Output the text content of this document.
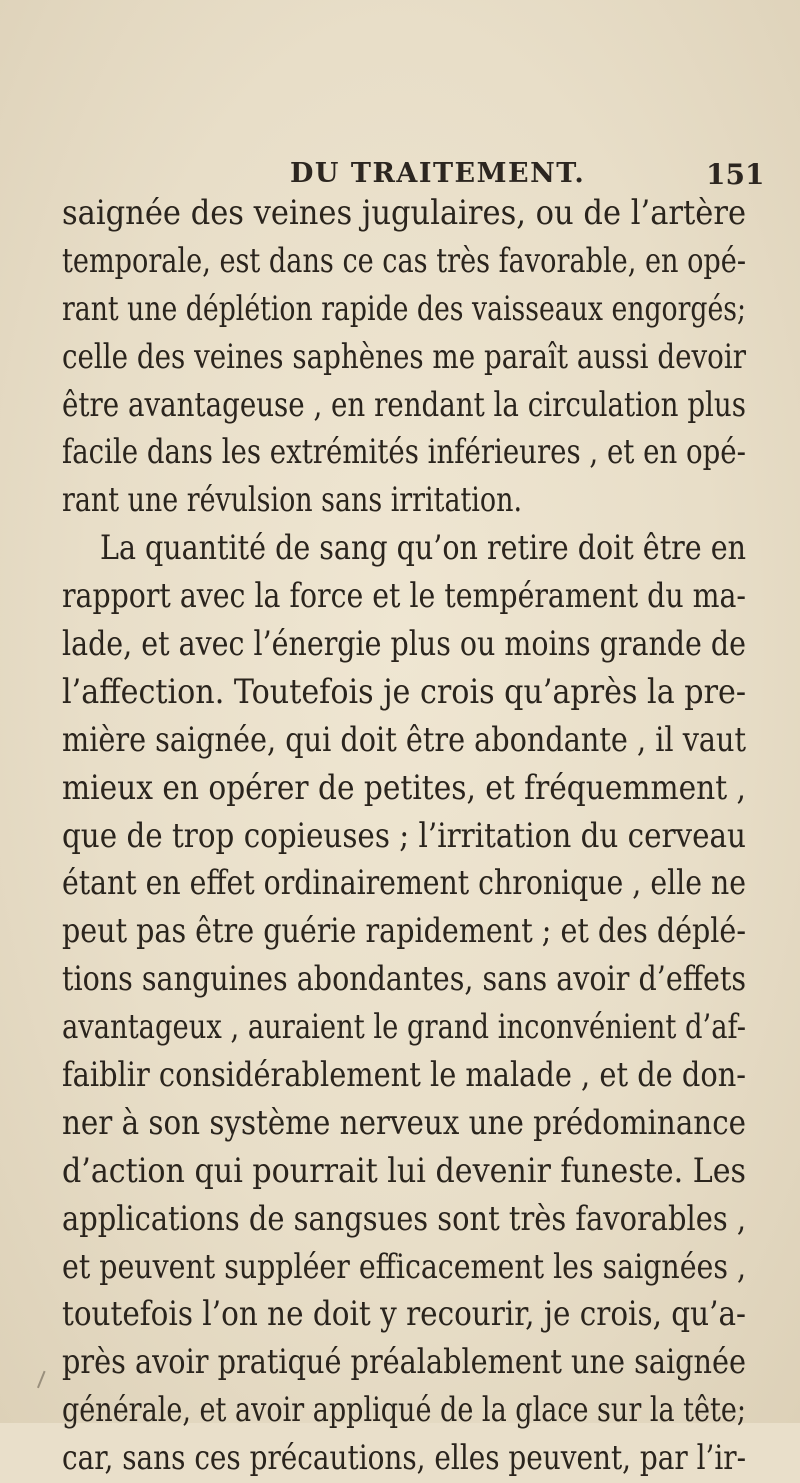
DU TRAITEMENT.	151
saignée des veines jugulaires, ou de l’artère
temporale, est dans ce cas très favorable, en opé-
rant une déplétion rapide des vaisseaux engorgés;
celle des veines saphènes me paraît aussi devoir
être avantageuse , en rendant la circulation plus
facile dans les extrémités inférieures , et en opé-
rant une révulsion sans irritation.
La quantité de sang qu’on retire doit être en
rapport avec la force et le tempérament du ma-
lade, et avec l’énergie plus ou moins grande de
l’affection. Toutefois je crois qu’après la pre-
mière saignée, qui doit être abondante , il vaut
mieux en opérer de petites, et fréquemment ,
que de trop copieuses ; l’irritation du cerveau
étant en effet ordinairement chronique , elle ne
peut pas être guérie rapidement ; et des déplé-
tions sanguines abondantes, sans avoir d’effets
avantageux , auraient le grand inconvénient d’af-
faiblir considérablement le malade , et de don-
ner à son système nerveux une prédominance
d’action qui pourrait lui devenir funeste. Les
applications de sangsues sont très favorables ,
et peuvent suppléer efficacement les saignées ,
toutefois l’on ne doit y recourir, je crois, qu’a-
près avoir pratiqué préalablement une saignée
générale, et avoir appliqué de la glace sur la tête;
car, sans ces précautions, elles peuvent, par l’ir-
